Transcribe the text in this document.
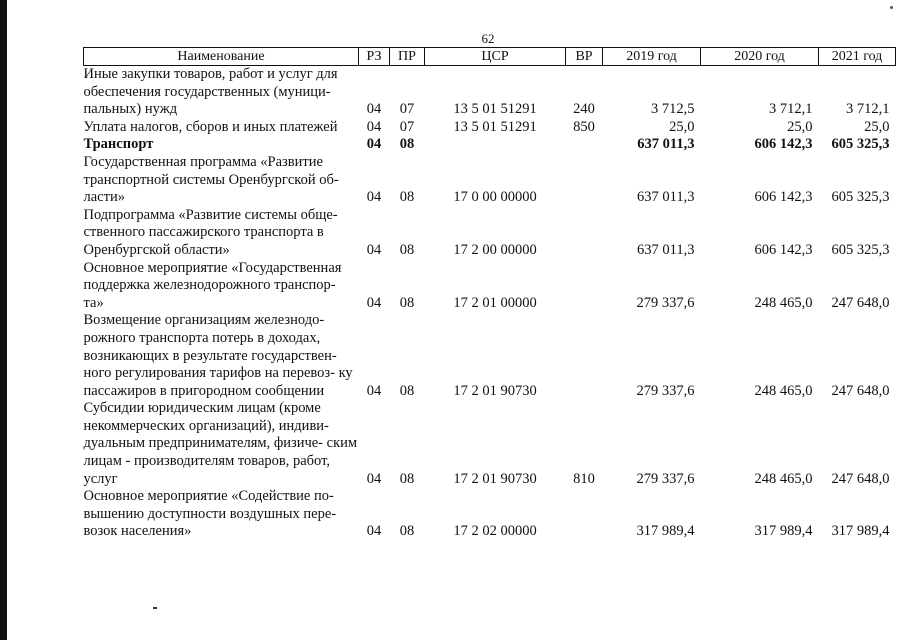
62
Наименование	РЗ	ПР	ЦСР	ВР	2019 год	2020 год	2021 год
Иные закупки товаров, работ и услуг для обеспечения государственных (муници- пальных) нужд	04	07	13 5 01 51291	240	3 712,5	3 712,1	3 712,1
Уплата налогов, сборов и иных платежей	04	07	13 5 01 51291	850	25,0	25,0	25,0
Транспорт	04	08			637 011,3	606 142,3	605 325,3
Государственная программа «Развитие транспортной системы Оренбургской об- ласти»	04	08	17 0 00 00000		637 011,3	606 142,3	605 325,3
Подпрограмма «Развитие системы обще- ственного пассажирского транспорта в Оренбургской области»	04	08	17 2 00 00000		637 011,3	606 142,3	605 325,3
Основное мероприятие «Государственная поддержка железнодорожного транспор- та»	04	08	17 2 01 00000		279 337,6	248 465,0	247 648,0
Возмещение организациям железнодо- рожного транспорта потерь в доходах, возникающих в результате государствен- ного регулирования тарифов на перевоз- ку пассажиров в пригородном сообщении	04	08	17 2 01 90730		279 337,6	248 465,0	247 648,0
Субсидии юридическим лицам (кроме некоммерческих организаций), индиви- дуальным предпринимателям, физиче- ским лицам - производителям товаров, работ, услуг	04	08	17 2 01 90730	810	279 337,6	248 465,0	247 648,0
Основное мероприятие «Содействие по- вышению доступности воздушных пере- возок населения»	04	08	17 2 02 00000		317 989,4	317 989,4	317 989,4
